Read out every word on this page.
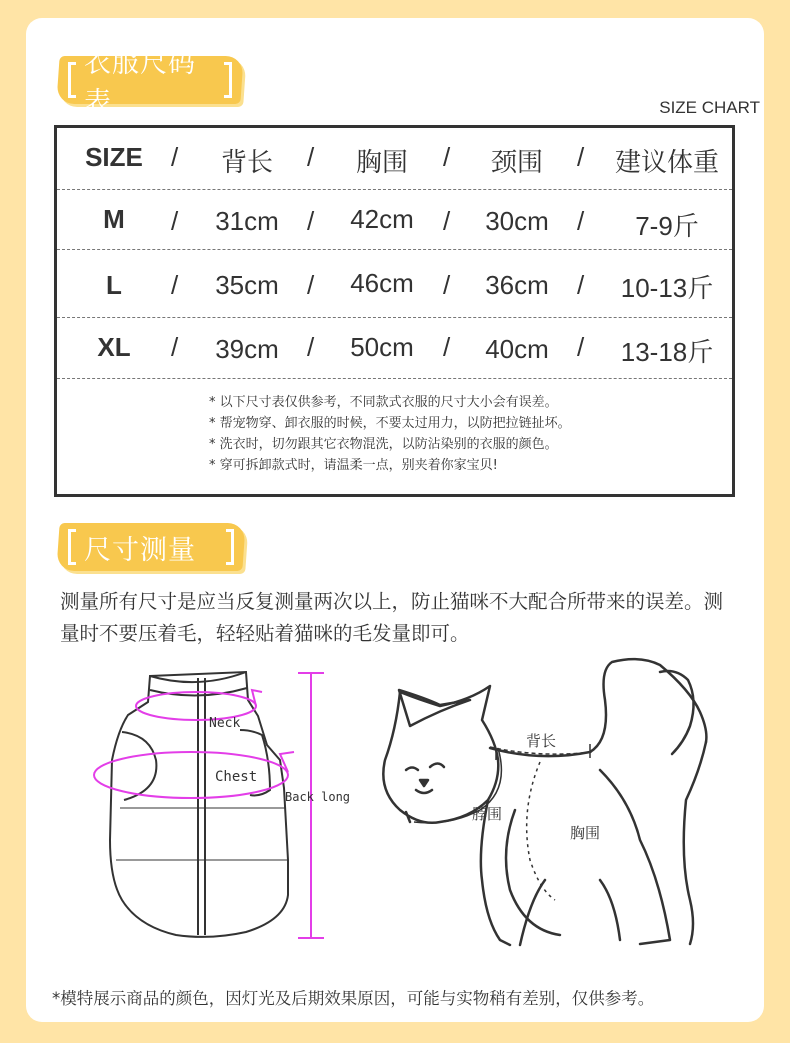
衣服尺码表	SIZE CHART
SIZE	/	背长	/	胸围	/	颈围	/	建议体重
M	/	31cm	/	42cm	/	30cm	/	7-9斤
L	/	35cm	/	46cm	/	36cm	/	10-13斤
XL	/	39cm	/	50cm	/	40cm	/	13-18斤
* 以下尺寸表仅供参考，不同款式衣服的尺寸大小会有误差。
* 帮宠物穿、卸衣服的时候，不要太过用力，以防把拉链扯坏。
* 洗衣时，切勿跟其它衣物混洗，以防沾染别的衣服的颜色。
* 穿可拆卸款式时，请温柔一点，别夹着你家宝贝!
尺寸测量
测量所有尺寸是应当反复测量两次以上，防止猫咪不大配合所带来的误差。测量时不要压着毛，轻轻贴着猫咪的毛发量即可。
Neck
Chest
Back long
背长
脖围
胸围
*模特展示商品的颜色，因灯光及后期效果原因，可能与实物稍有差别，仅供参考。
